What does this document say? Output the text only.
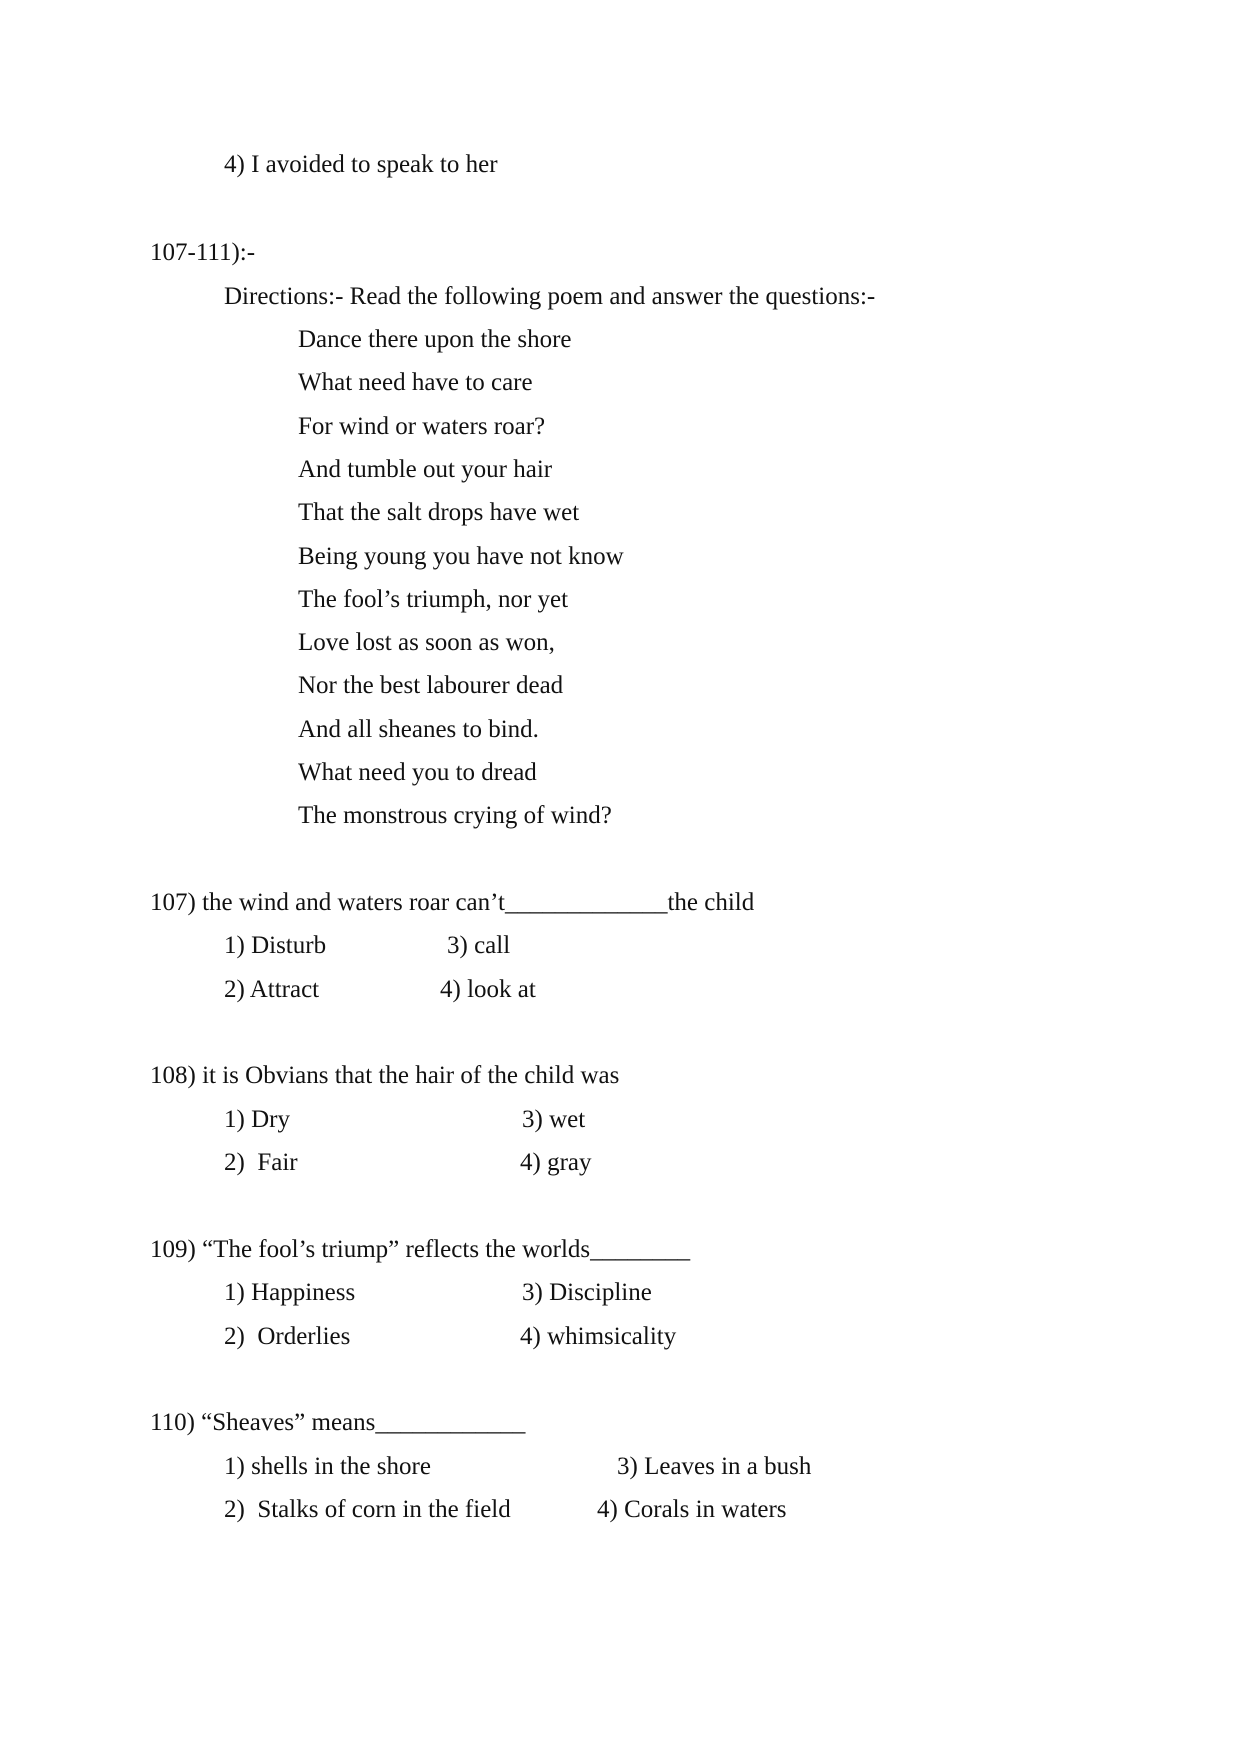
4) I avoided to speak to her
107-111):-
Directions:- Read the following poem and answer the questions:-
Dance there upon the shore
What need have to care
For wind or waters roar?
And tumble out your hair
That the salt drops have wet
Being young you have not know
The fool’s triumph, nor yet
Love lost as soon as won,
Nor the best labourer dead
And all sheanes to bind.
What need you to dread
The monstrous crying of wind?
107) the wind and waters roar can’t_____________the child
1) Disturb	3) call
2) Attract	4) look at
108) it is Obvians that the hair of the child was
1) Dry	3) wet
2)  Fair	4) gray
109) “The fool’s triump” reflects the worlds________
1) Happiness	3) Discipline
2)  Orderlies	4) whimsicality
110) “Sheaves” means____________
1) shells in the shore	3) Leaves in a bush
2)  Stalks of corn in the field	4) Corals in waters
